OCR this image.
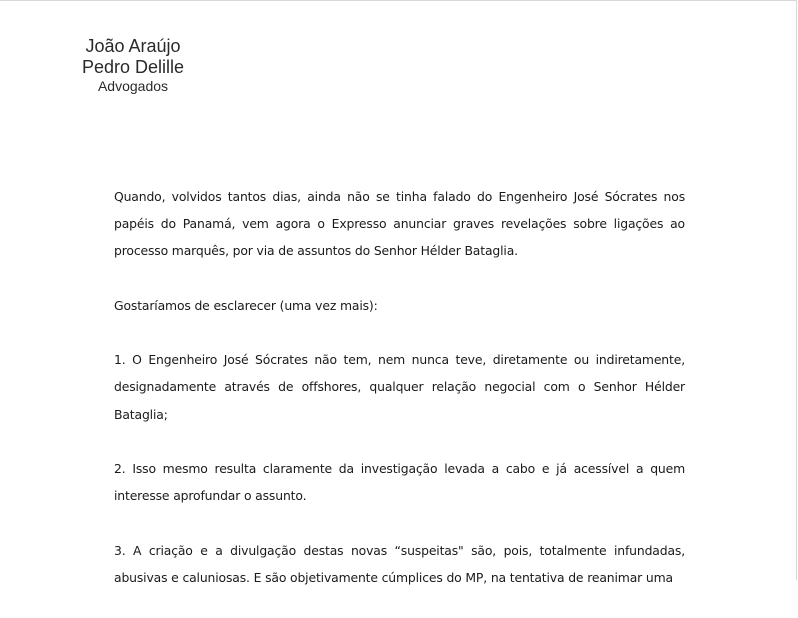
João Araújo
Pedro Delille
Advogados

Quando, volvidos tantos dias, ainda não se tinha falado do Engenheiro José Sócrates nos papéis do Panamá, vem agora o Expresso anunciar graves revelações sobre ligações ao processo marquês, por via de assuntos do Senhor Hélder Bataglia.

Gostaríamos de esclarecer (uma vez mais):

1. O Engenheiro José Sócrates não tem, nem nunca teve, diretamente ou indiretamente, designadamente através de offshores, qualquer relação negocial com o Senhor Hélder Bataglia;

2. Isso mesmo resulta claramente da investigação levada a cabo e já acessível a quem interesse aprofundar o assunto.

3. A criação e a divulgação destas novas “suspeitas" são, pois, totalmente infundadas, abusivas e caluniosas. E são objetivamente cúmplices do MP, na tentativa de reanimar uma
